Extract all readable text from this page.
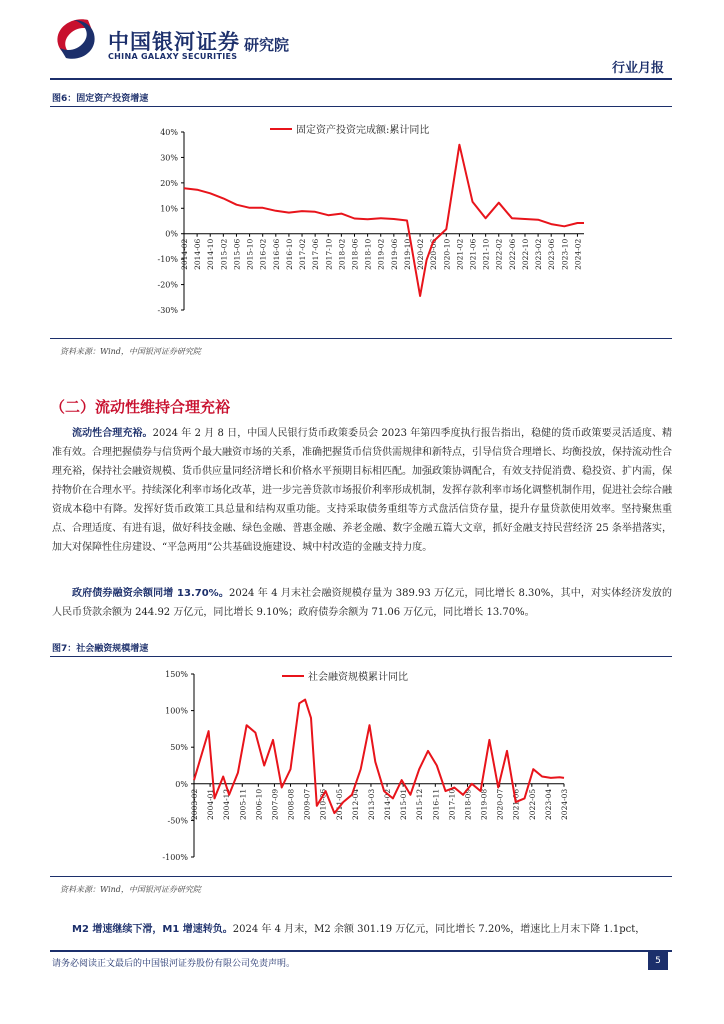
中国银河证券
CHINA GALAXY SECURITIES
研究院
行业月报
图6：固定资产投资增速
40%
30%
20%
10%
0%
-10%
-20%
-30%
2014-02 2014-06 2014-10 2015-02 2015-06 2015-10 2016-02 2016-06 2016-10 2017-02 2017-06 2017-10 2018-02 2018-06 2018-10 2019-02 2019-06 2019-10 2020-02 2020-06 2020-10 2021-02 2021-06 2021-10 2022-02 2022-06 2022-10 2023-02 2023-06 2023-10 2024-02
固定资产投资完成额:累计同比
资料来源：Wind，中国银河证券研究院
（二）流动性维持合理充裕
流动性合理充裕。2024 年 2 月 8 日，中国人民银行货币政策委员会 2023 年第四季度执行报告指出，稳健的货币政策要灵活适度、精准有效。合理把握债券与信贷两个最大融资市场的关系，准确把握货币信贷供需规律和新特点，引导信贷合理增长、均衡投放，保持流动性合理充裕，保持社会融资规模、货币供应量同经济增长和价格水平预期目标相匹配。加强政策协调配合，有效支持促消费、稳投资、扩内需，保持物价在合理水平。持续深化利率市场化改革，进一步完善贷款市场报价利率形成机制，发挥存款利率市场化调整机制作用，促进社会综合融资成本稳中有降。发挥好货币政策工具总量和结构双重功能。支持采取债务重组等方式盘活信贷存量，提升存量贷款使用效率。坚持聚焦重点、合理适度、有进有退，做好科技金融、绿色金融、普惠金融、养老金融、数字金融五篇大文章，抓好金融支持民营经济 25 条举措落实，加大对保障性住房建设、“平急两用”公共基础设施建设、城中村改造的金融支持力度。
政府债券融资余额同增 13.70%。2024 年 4 月末社会融资规模存量为 389.93 万亿元，同比增长 8.30%，其中，对实体经济发放的人民币贷款余额为 244.92 万亿元，同比增长 9.10%；政府债券余额为 71.06 万亿元，同比增长 13.70%。
图7：社会融资规模增速
150%
100%
50%
0%
-50%
-100%
2003-02 2004-01 2004-12 2005-11 2006-10 2007-09 2008-08 2009-07 2010-06 2011-05 2012-04 2013-03 2014-02 2015-01 2015-12 2016-11 2017-10 2018-09 2019-08 2020-07 2021-06 2022-05 2023-04 2024-03
社会融资规模累计同比
资料来源：Wind，中国银河证券研究院
M2 增速继续下滑，M1 增速转负。2024 年 4 月末，M2 余额 301.19 万亿元，同比增长 7.20%，增速比上月末下降 1.1pct，
请务必阅读正文最后的中国银河证券股份有限公司免责声明。	5
